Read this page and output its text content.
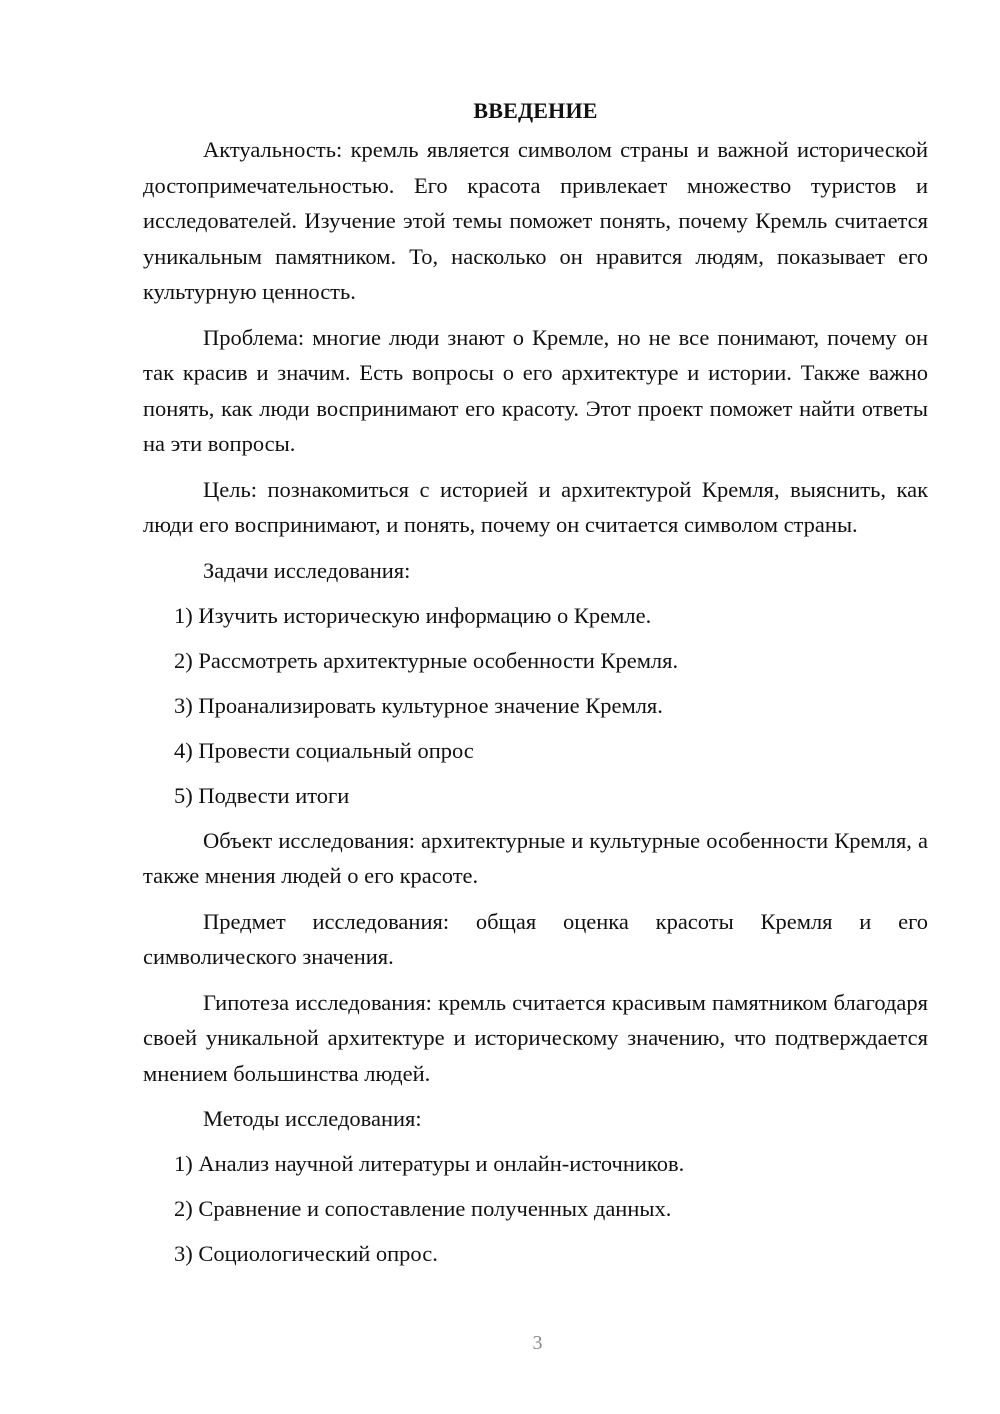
ВВЕДЕНИЕ

Актуальность: кремль является символом страны и важной исторической достопримечательностью. Его красота привлекает множество туристов и исследователей. Изучение этой темы поможет понять, почему Кремль считается уникальным памятником. То, насколько он нравится людям, показывает его культурную ценность.

Проблема: многие люди знают о Кремле, но не все понимают, почему он так красив и значим. Есть вопросы о его архитектуре и истории. Также важно понять, как люди воспринимают его красоту. Этот проект поможет найти ответы на эти вопросы.

Цель: познакомиться с историей и архитектурой Кремля, выяснить, как люди его воспринимают, и понять, почему он считается символом страны.

Задачи исследования:
1) Изучить историческую информацию о Кремле.
2) Рассмотреть архитектурные особенности Кремля.
3) Проанализировать культурное значение Кремля.
4) Провести социальный опрос
5) Подвести итоги

Объект исследования: архитектурные и культурные особенности Кремля, а также мнения людей о его красоте.

Предмет исследования: общая оценка красоты Кремля и его символического значения.

Гипотеза исследования: кремль считается красивым памятником благодаря своей уникальной архитектуре и историческому значению, что подтверждается мнением большинства людей.

Методы исследования:
1) Анализ научной литературы и онлайн-источников.
2) Сравнение и сопоставление полученных данных.
3) Социологический опрос.
3
